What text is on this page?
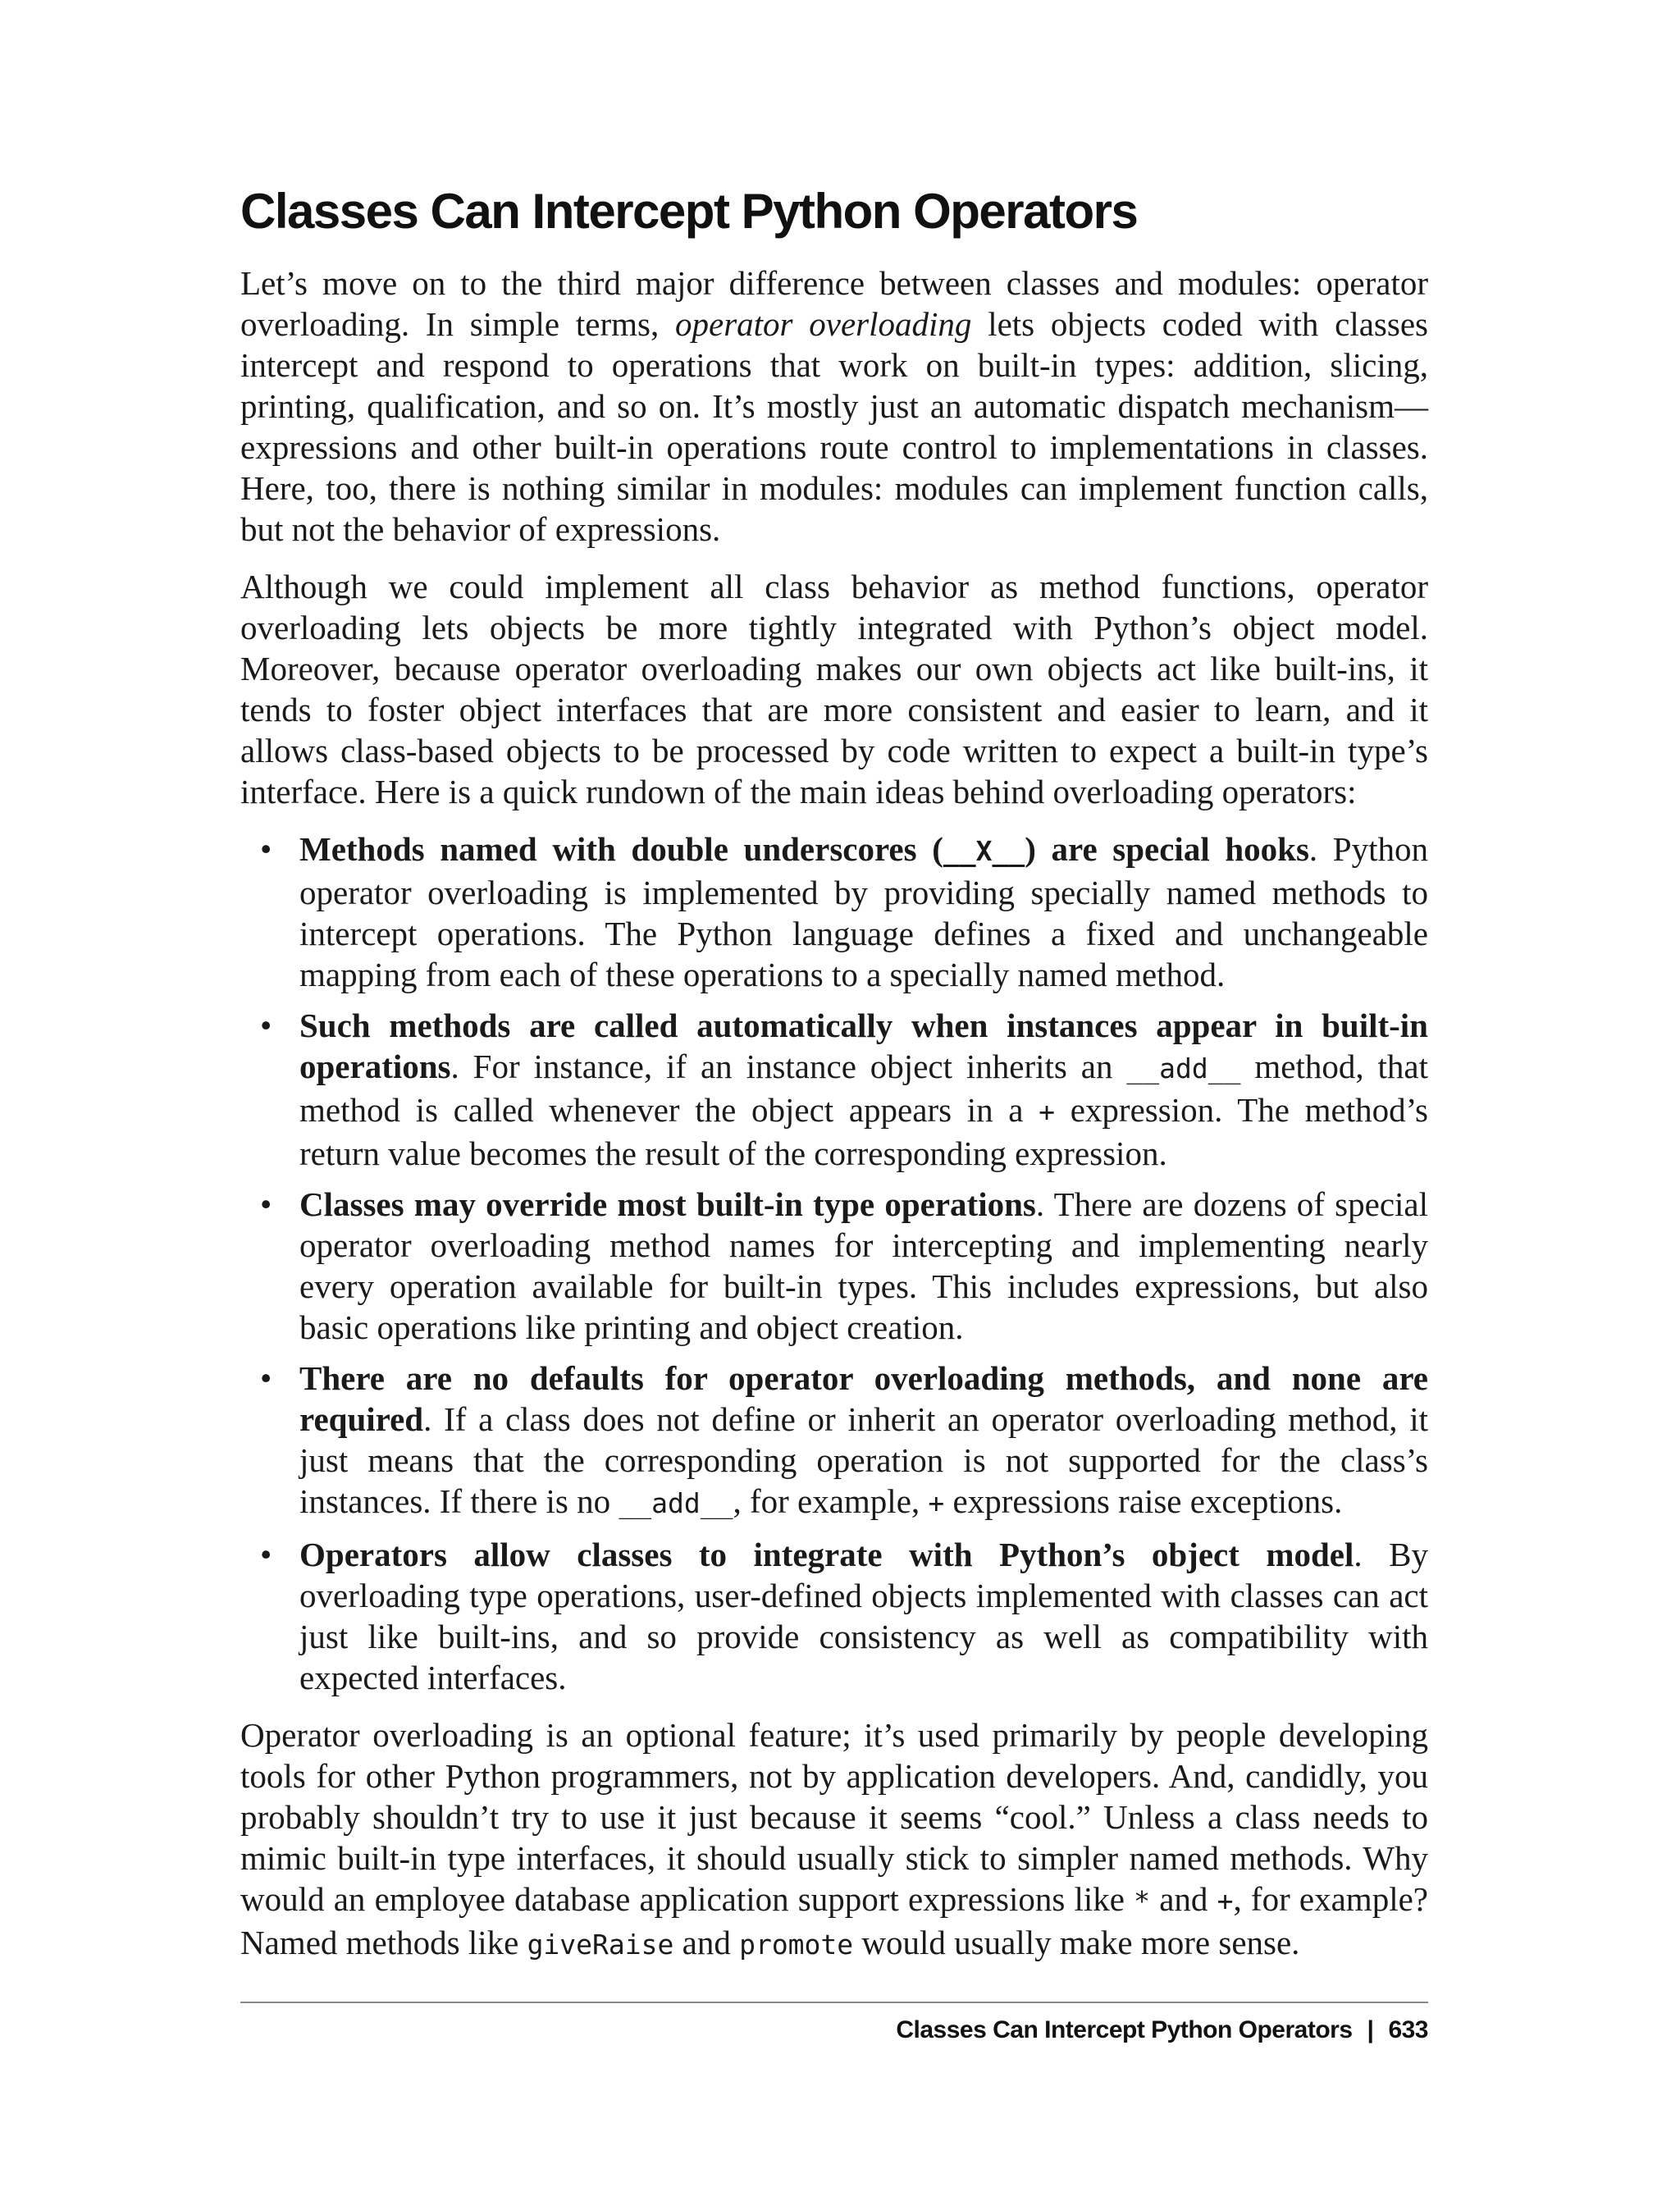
Classes Can Intercept Python Operators

Let’s move on to the third major difference between classes and modules: operator overloading. In simple terms, operator overloading lets objects coded with classes intercept and respond to operations that work on built-in types: addition, slicing, printing, qualification, and so on. It’s mostly just an automatic dispatch mechanism—expressions and other built-in operations route control to implementations in classes. Here, too, there is nothing similar in modules: modules can implement function calls, but not the behavior of expressions.

Although we could implement all class behavior as method functions, operator overloading lets objects be more tightly integrated with Python’s object model. Moreover, because operator overloading makes our own objects act like built-ins, it tends to foster object interfaces that are more consistent and easier to learn, and it allows class-based objects to be processed by code written to expect a built-in type’s interface. Here is a quick rundown of the main ideas behind overloading operators:

• Methods named with double underscores (__X__) are special hooks. Python operator overloading is implemented by providing specially named methods to intercept operations. The Python language defines a fixed and unchangeable mapping from each of these operations to a specially named method.
• Such methods are called automatically when instances appear in built-in operations. For instance, if an instance object inherits an __add__ method, that method is called whenever the object appears in a + expression. The method’s return value becomes the result of the corresponding expression.
• Classes may override most built-in type operations. There are dozens of special operator overloading method names for intercepting and implementing nearly every operation available for built-in types. This includes expressions, but also basic operations like printing and object creation.
• There are no defaults for operator overloading methods, and none are required. If a class does not define or inherit an operator overloading method, it just means that the corresponding operation is not supported for the class’s instances. If there is no __add__, for example, + expressions raise exceptions.
• Operators allow classes to integrate with Python’s object model. By overloading type operations, user-defined objects implemented with classes can act just like built-ins, and so provide consistency as well as compatibility with expected interfaces.

Operator overloading is an optional feature; it’s used primarily by people developing tools for other Python programmers, not by application developers. And, candidly, you probably shouldn’t try to use it just because it seems “cool.” Unless a class needs to mimic built-in type interfaces, it should usually stick to simpler named methods. Why would an employee database application support expressions like * and +, for example? Named methods like giveRaise and promote would usually make more sense.

Classes Can Intercept Python Operators | 633
